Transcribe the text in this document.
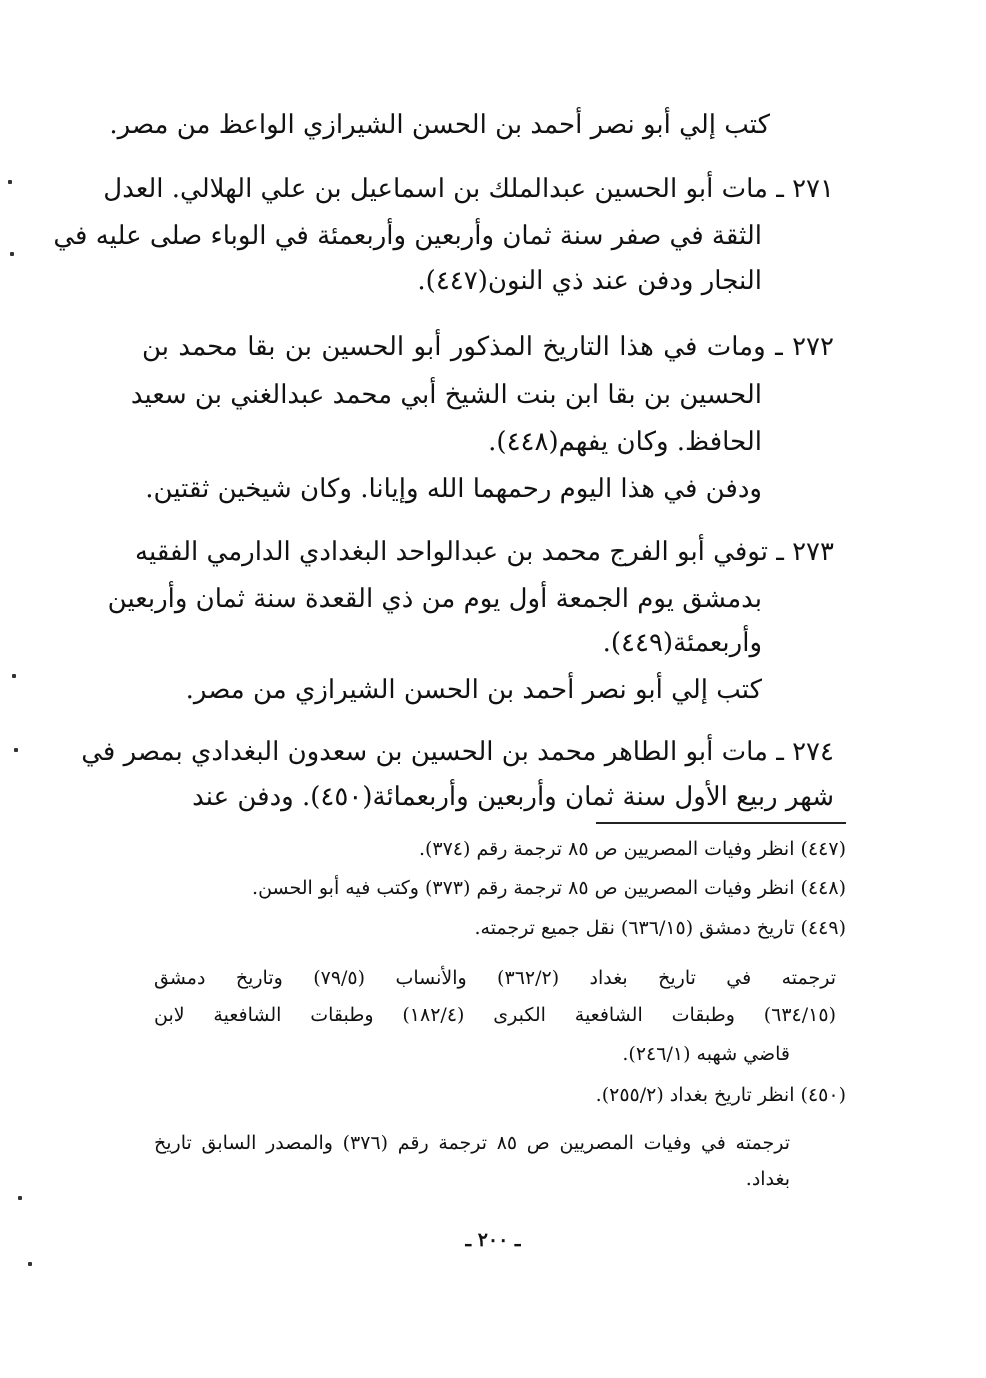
كتب إلي أبو نصر أحمد بن الحسن الشيرازي الواعظ من مصر.
٢٧١ ـ مات أبو الحسين عبدالملك بن اسماعيل بن علي الهلالي. العدل
الثقة في صفر سنة ثمان وأربعين وأربعمئة في الوباء صلى عليه في
النجار ودفن عند ذي النون(٤٤٧).
٢٧٢ ـ ومات في هذا التاريخ المذكور أبو الحسين بن بقا محمد بن
الحسين بن بقا ابن بنت الشيخ أبي محمد عبدالغني بن سعيد
الحافظ. وكان يفهم(٤٤٨).
ودفن في هذا اليوم رحمهما الله وإيانا. وكان شيخين ثقتين.
٢٧٣ ـ توفي أبو الفرج محمد بن عبدالواحد البغدادي الدارمي الفقيه
بدمشق يوم الجمعة أول يوم من ذي القعدة سنة ثمان وأربعين
وأربعمئة(٤٤٩).
كتب إلي أبو نصر أحمد بن الحسن الشيرازي من مصر.
٢٧٤ ـ مات أبو الطاهر محمد بن الحسين بن سعدون البغدادي بمصر في
شهر ربيع الأول سنة ثمان وأربعين وأربعمائة(٤٥٠). ودفن عند
(٤٤٧) انظر وفيات المصريين ص ٨٥ ترجمة رقم (٣٧٤).
(٤٤٨) انظر وفيات المصريين ص ٨٥ ترجمة رقم (٣٧٣) وكتب فيه أبو الحسن.
(٤٤٩) تاريخ دمشق (٦٣٦/١٥) نقل جميع ترجمته.
ترجمته في تاريخ بغداد (٣٦٢/٢) والأنساب (٧٩/٥) وتاريخ دمشق
(٦٣٤/١٥) وطبقات الشافعية الكبرى (١٨٢/٤) وطبقات الشافعية لابن
قاضي شهبه (٢٤٦/١).
(٤٥٠) انظر تاريخ بغداد (٢٥٥/٢).
ترجمته في وفيات المصريين ص ٨٥ ترجمة رقم (٣٧٦) والمصدر السابق تاريخ
بغداد.
ـ ٢٠٠ ـ
